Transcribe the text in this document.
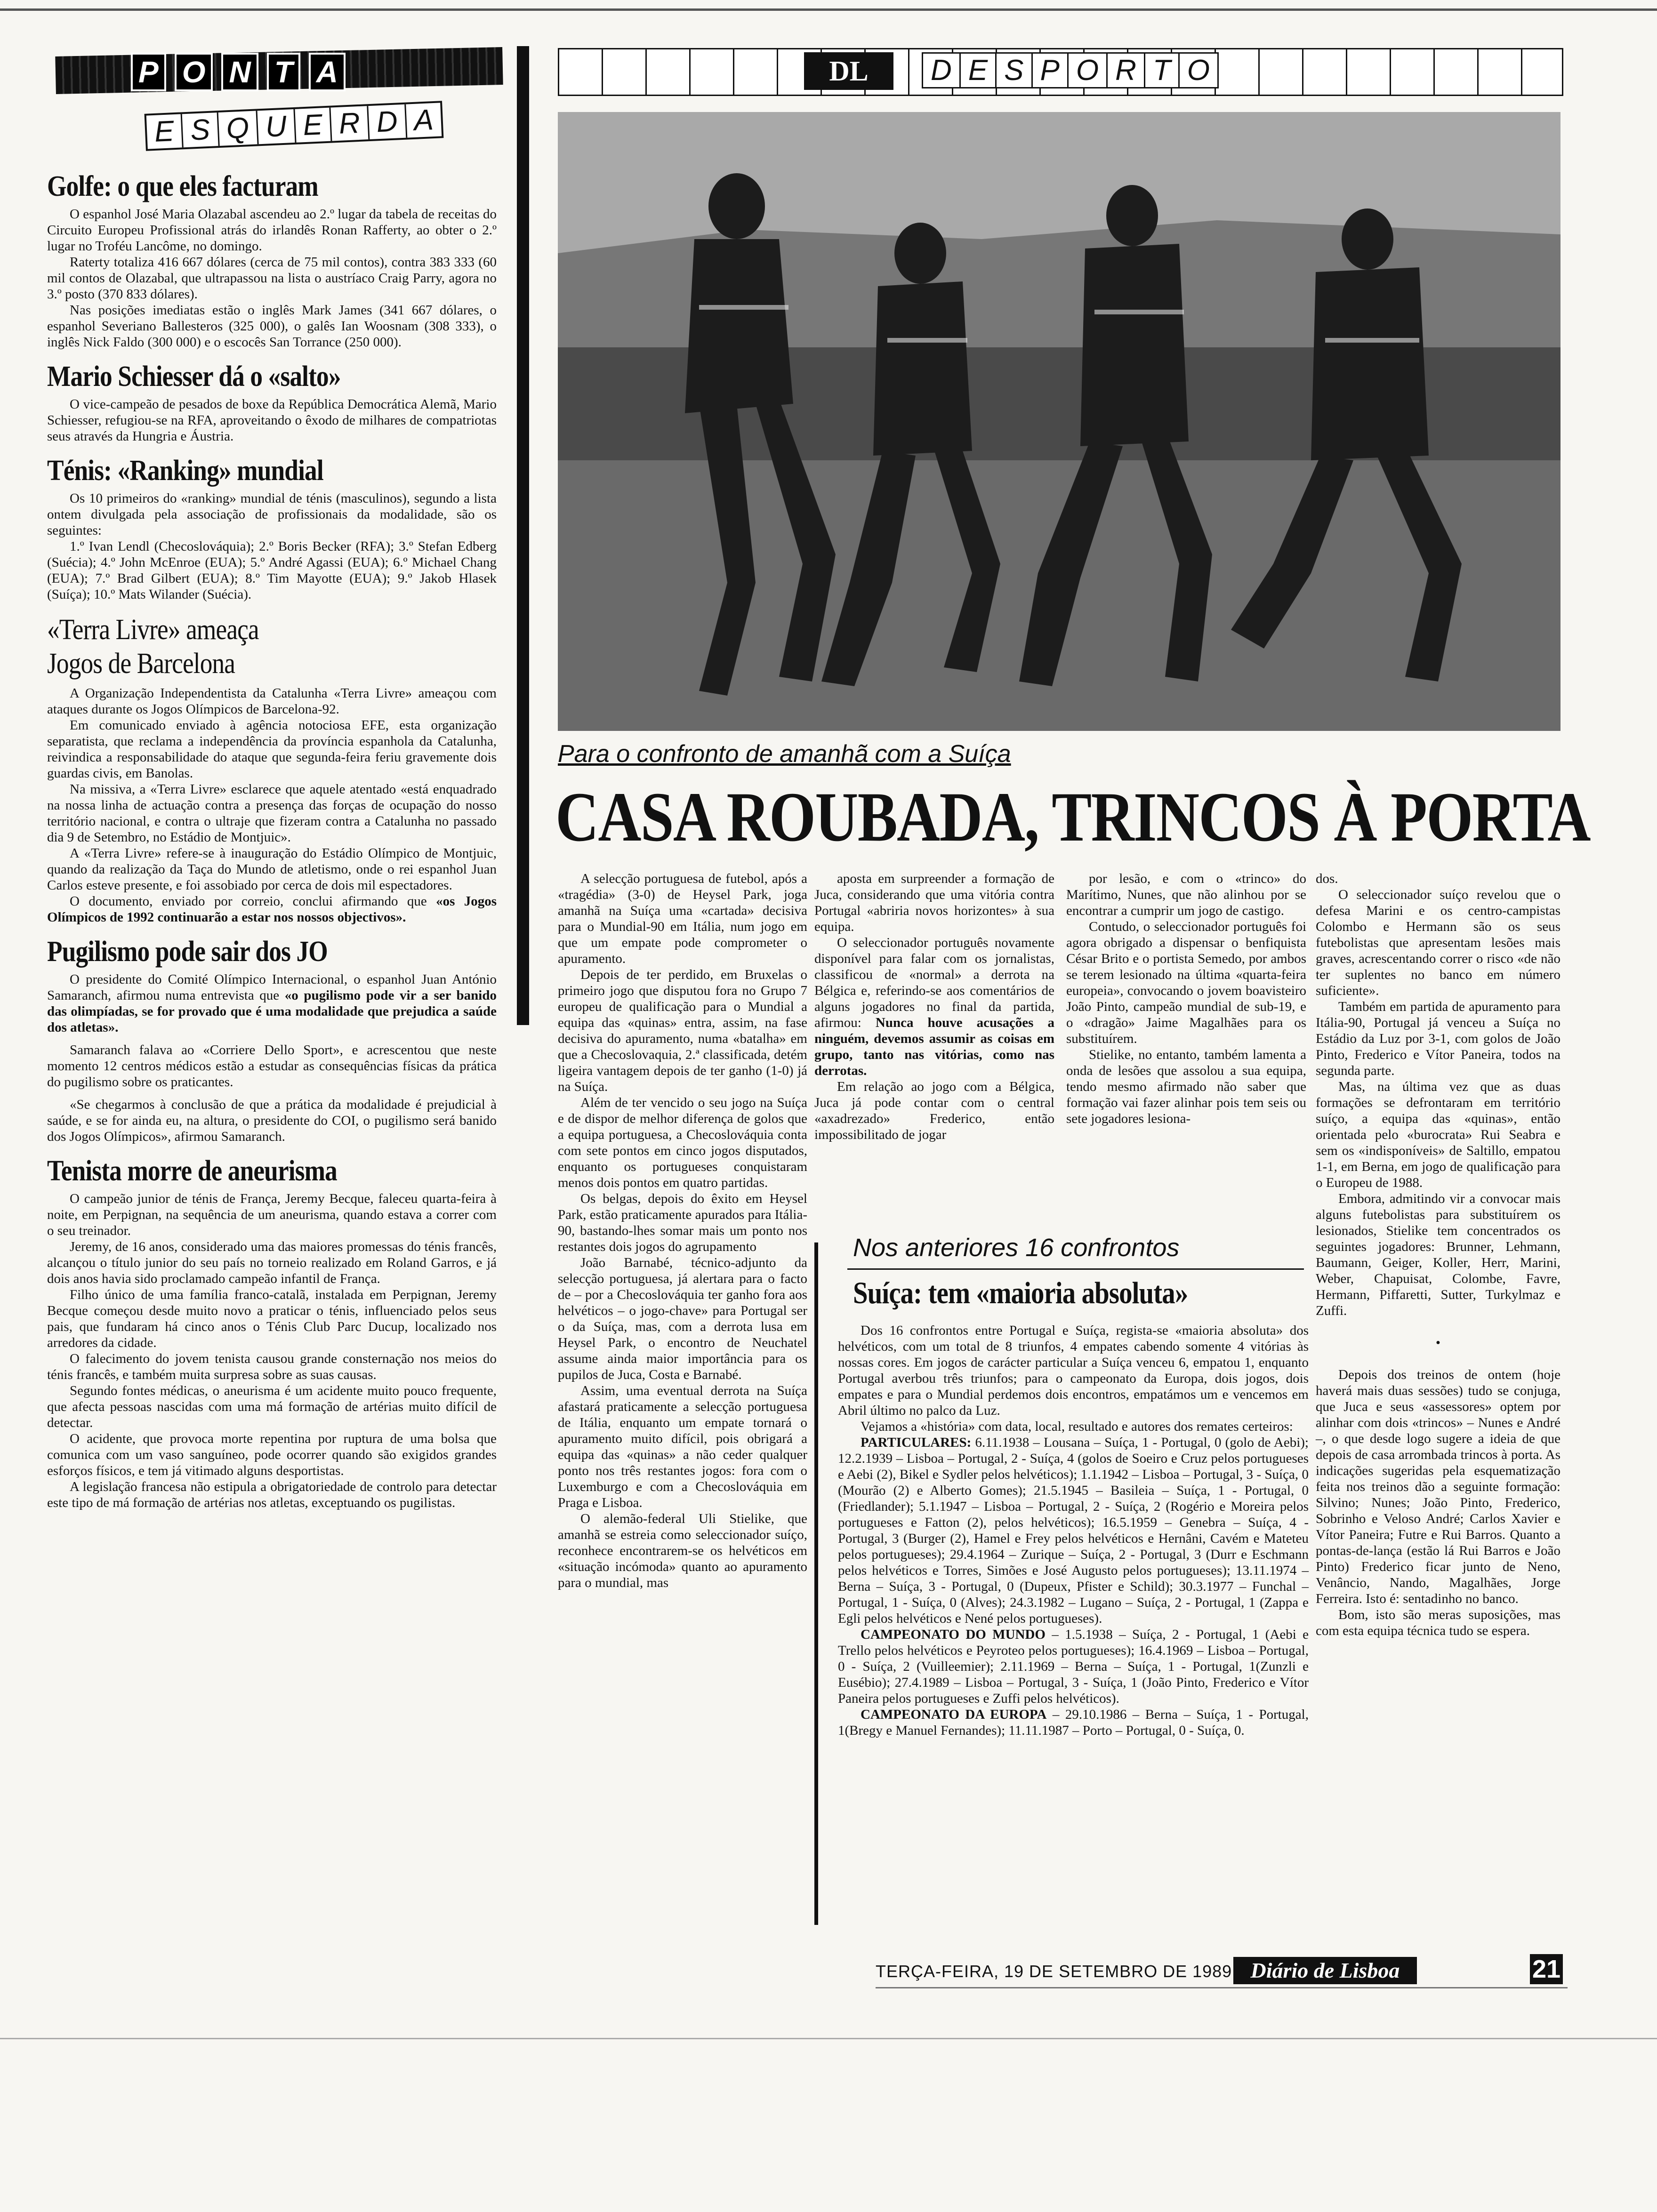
P O N T A
E S Q U E R D A
DL	D E S P O R T O
Golfe: o que eles facturam

O espanhol José Maria Olazabal ascendeu ao 2.º lugar da tabela de receitas do Circuito Europeu Profissional atrás do irlandês Ronan Rafferty, ao obter o 2.º lugar no Troféu Lancôme, no domingo.

Raterty totaliza 416 667 dólares (cerca de 75 mil contos), contra 383 333 (60 mil contos de Olazabal, que ultrapassou na lista o austríaco Craig Parry, agora no 3.º posto (370 833 dólares).

Nas posições imediatas estão o inglês Mark James (341 667 dólares, o espanhol Severiano Ballesteros (325 000), o galês Ian Woosnam (308 333), o inglês Nick Faldo (300 000) e o escocês San Torrance (250 000).

Mario Schiesser dá o «salto»

O vice-campeão de pesados de boxe da República Democrática Alemã, Mario Schiesser, refugiou-se na RFA, aproveitando o êxodo de milhares de compatriotas seus através da Hungria e Áustria.

Ténis: «Ranking» mundial

Os 10 primeiros do «ranking» mundial de ténis (masculinos), segundo a lista ontem divulgada pela associação de profissionais da modalidade, são os seguintes:

1.º Ivan Lendl (Checoslováquia); 2.º Boris Becker (RFA); 3.º Stefan Edberg (Suécia); 4.º John McEnroe (EUA); 5.º André Agassi (EUA); 6.º Michael Chang (EUA); 7.º Brad Gilbert (EUA); 8.º Tim Mayotte (EUA); 9.º Jakob Hlasek (Suíça); 10.º Mats Wilander (Suécia).

«Terra Livre» ameaça
Jogos de Barcelona

A Organização Independentista da Catalunha «Terra Livre» ameaçou com ataques durante os Jogos Olímpicos de Barcelona-92.

Em comunicado enviado à agência notociosa EFE, esta organização separatista, que reclama a independência da província espanhola da Catalunha, reivindica a responsabilidade do ataque que segunda-feira feriu gravemente dois guardas civis, em Banolas.

Na missiva, a «Terra Livre» esclarece que aquele atentado «está enquadrado na nossa linha de actuação contra a presença das forças de ocupação do nosso território nacional, e contra o ultraje que fizeram contra a Catalunha no passado dia 9 de Setembro, no Estádio de Montjuic».

A «Terra Livre» refere-se à inauguração do Estádio Olímpico de Montjuic, quando da realização da Taça do Mundo de atletismo, onde o rei espanhol Juan Carlos esteve presente, e foi assobiado por cerca de dois mil espectadores.

O documento, enviado por correio, conclui afirmando que «os Jogos Olímpicos de 1992 continuarão a estar nos nossos objectivos».

Pugilismo pode sair dos JO

O presidente do Comité Olímpico Internacional, o espanhol Juan António Samaranch, afirmou numa entrevista que «o pugilismo pode vir a ser banido das olimpíadas, se for provado que é uma modalidade que prejudica a saúde dos atletas».

Samaranch falava ao «Corriere Dello Sport», e acrescentou que neste momento 12 centros médicos estão a estudar as consequências físicas da prática do pugilismo sobre os praticantes.

«Se chegarmos à conclusão de que a prática da modalidade é prejudicial à saúde, e se for ainda eu, na altura, o presidente do COI, o pugilismo será banido dos Jogos Olímpicos», afirmou Samaranch.

Tenista morre de aneurisma

O campeão junior de ténis de França, Jeremy Becque, faleceu quarta-feira à noite, em Perpignan, na sequência de um aneurisma, quando estava a correr com o seu treinador.

Jeremy, de 16 anos, considerado uma das maiores promessas do ténis francês, alcançou o título junior do seu país no torneio realizado em Roland Garros, e já dois anos havia sido proclamado campeão infantil de França.

Filho único de uma família franco-catalã, instalada em Perpignan, Jeremy Becque começou desde muito novo a praticar o ténis, influenciado pelos seus pais, que fundaram há cinco anos o Ténis Club Parc Ducup, localizado nos arredores da cidade.

O falecimento do jovem tenista causou grande consternação nos meios do ténis francês, e também muita surpresa sobre as suas causas.

Segundo fontes médicas, o aneurisma é um acidente muito pouco frequente, que afecta pessoas nascidas com uma má formação de artérias muito difícil de detectar.

O acidente, que provoca morte repentina por ruptura de uma bolsa que comunica com um vaso sanguíneo, pode ocorrer quando são exigidos grandes esforços físicos, e tem já vitimado alguns desportistas.

A legislação francesa não estipula a obrigatoriedade de controlo para detectar este tipo de má formação de artérias nos atletas, exceptuando os pugilistas.

Para o confronto de amanhã com a Suíça
CASA ROUBADA, TRINCOS À PORTA

A selecção portuguesa de futebol, após a «tragédia» (3-0) de Heysel Park, joga amanhã na Suíça uma «cartada» decisiva para o Mundial-90 em Itália, num jogo em que um empate pode comprometer o apuramento.

Depois de ter perdido, em Bruxelas o primeiro jogo que disputou fora no Grupo 7 europeu de qualificação para o Mundial a equipa das «quinas» entra, assim, na fase decisiva do apuramento, numa «batalha» em que a Checoslovaquia, 2.ª classificada, detém ligeira vantagem depois de ter ganho (1-0) já na Suíça.

Além de ter vencido o seu jogo na Suíça e de dispor de melhor diferença de golos que a equipa portuguesa, a Checoslováquia conta com sete pontos em cinco jogos disputados, enquanto os portugueses conquistaram menos dois pontos em quatro partidas.

Os belgas, depois do êxito em Heysel Park, estão praticamente apurados para Itália-90, bastando-lhes somar mais um ponto nos restantes dois jogos do agrupamento

João Barnabé, técnico-adjunto da selecção portuguesa, já alertara para o facto de – por a Checoslováquia ter ganho fora aos helvéticos – o jogo-chave» para Portugal ser o da Suíça, mas, com a derrota lusa em Heysel Park, o encontro de Neuchatel assume ainda maior importância para os pupilos de Juca, Costa e Barnabé.

Assim, uma eventual derrota na Suíça afastará praticamente a selecção portuguesa de Itália, enquanto um empate tornará o apuramento muito difícil, pois obrigará a equipa das «quinas» a não ceder qualquer ponto nos três restantes jogos: fora com o Luxemburgo e com a Checoslováquia em Praga e Lisboa.

O alemão-federal Uli Stielike, que amanhã se estreia como seleccionador suíço, reconhece encontrarem-se os helvéticos em «situação incómoda» quanto ao apuramento para o mundial, mas

aposta em surpreender a formação de Juca, considerando que uma vitória contra Portugal «abriria novos horizontes» à sua equipa.

O seleccionador português novamente disponível para falar com os jornalistas, classificou de «normal» a derrota na Bélgica e, referindo-se aos comentários de alguns jogadores no final da partida, afirmou: Nunca houve acusações a ninguém, devemos assumir as coisas em grupo, tanto nas vitórias, como nas derrotas.

Em relação ao jogo com a Bélgica, Juca já pode contar com o central «axadrezado» Frederico, então impossibilitado de jogar

por lesão, e com o «trinco» do Marítimo, Nunes, que não alinhou por se encontrar a cumprir um jogo de castigo.

Contudo, o seleccionador português foi agora obrigado a dispensar o benfiquista César Brito e o portista Semedo, por ambos se terem lesionado na última «quarta-feira europeia», convocando o jovem boavisteiro João Pinto, campeão mundial de sub-19, e o «dragão» Jaime Magalhães para os substituírem.

Stielike, no entanto, também lamenta a onda de lesões que assolou a sua equipa, tendo mesmo afirmado não saber que formação vai fazer alinhar pois tem seis ou sete jogadores lesiona-

dos.

O seleccionador suíço revelou que o defesa Marini e os centro-campistas Colombo e Hermann são os seus futebolistas que apresentam lesões mais graves, acrescentando correr o risco «de não ter suplentes no banco em número suficiente».

Também em partida de apuramento para Itália-90, Portugal já venceu a Suíça no Estádio da Luz por 3-1, com golos de João Pinto, Frederico e Vítor Paneira, todos na segunda parte.

Mas, na última vez que as duas formações se defrontaram em território suíço, a equipa das «quinas», então orientada pelo «burocrata» Rui Seabra e sem os «indisponíveis» de Saltillo, empatou 1-1, em Berna, em jogo de qualificação para o Europeu de 1988.

Embora, admitindo vir a convocar mais alguns futebolistas para substituírem os lesionados, Stielike tem concentrados os seguintes jogadores: Brunner, Lehmann, Baumann, Geiger, Koller, Herr, Marini, Weber, Chapuisat, Colombe, Favre, Hermann, Piffaretti, Sutter, Turkylmaz e Zuffi.

•

Depois dos treinos de ontem (hoje haverá mais duas sessões) tudo se conjuga, que Juca e seus «assessores» optem por alinhar com dois «trincos» – Nunes e André –, o que desde logo sugere a ideia de que depois de casa arrombada trincos à porta. As indicações sugeridas pela esquematização feita nos treinos dão a seguinte formação: Silvino; Nunes; João Pinto, Frederico, Sobrinho e Veloso André; Carlos Xavier e Vítor Paneira; Futre e Rui Barros. Quanto a pontas-de-lança (estão lá Rui Barros e João Pinto) Frederico ficar junto de Neno, Venâncio, Nando, Magalhães, Jorge Ferreira. Isto é: sentadinho no banco.

Bom, isto são meras suposições, mas com esta equipa técnica tudo se espera.

Nos anteriores 16 confrontos
Suíça: tem «maioria absoluta»

Dos 16 confrontos entre Portugal e Suíça, regista-se «maioria absoluta» dos helvéticos, com um total de 8 triunfos, 4 empates cabendo somente 4 vitórias às nossas cores. Em jogos de carácter particular a Suíça venceu 6, empatou 1, enquanto Portugal averbou três triunfos; para o campeonato da Europa, dois jogos, dois empates e para o Mundial perdemos dois encontros, empatámos um e vencemos em Abril último no palco da Luz.

Vejamos a «história» com data, local, resultado e autores dos remates certeiros:

PARTICULARES: 6.11.1938 – Lousana – Suíça, 1 - Portugal, 0 (golo de Aebi); 12.2.1939 – Lisboa – Portugal, 2 - Suíça, 4 (golos de Soeiro e Cruz pelos portugueses e Aebi (2), Bikel e Sydler pelos helvéticos); 1.1.1942 – Lisboa – Portugal, 3 - Suíça, 0 (Mourão (2) e Alberto Gomes); 21.5.1945 – Basileia – Suíça, 1 - Portugal, 0 (Friedlander); 5.1.1947 – Lisboa – Portugal, 2 - Suíça, 2 (Rogério e Moreira pelos portugueses e Fatton (2), pelos helvéticos); 16.5.1959 – Genebra – Suíça, 4 - Portugal, 3 (Burger (2), Hamel e Frey pelos helvéticos e Hernâni, Cavém e Mateteu pelos portugueses); 29.4.1964 – Zurique – Suíça, 2 - Portugal, 3 (Durr e Eschmann pelos helvéticos e Torres, Simões e José Augusto pelos portugueses); 13.11.1974 – Berna – Suíça, 3 - Portugal, 0 (Dupeux, Pfister e Schild); 30.3.1977 – Funchal – Portugal, 1 - Suíça, 0 (Alves); 24.3.1982 – Lugano – Suíça, 2 - Portugal, 1 (Zappa e Egli pelos helvéticos e Nené pelos portugueses).

CAMPEONATO DO MUNDO – 1.5.1938 – Suíça, 2 - Portugal, 1 (Aebi e Trello pelos helvéticos e Peyroteo pelos portugueses); 16.4.1969 – Lisboa – Portugal, 0 - Suíça, 2 (Vuilleemier); 2.11.1969 – Berna – Suíça, 1 - Portugal, 1(Zunzli e Eusébio); 27.4.1989 – Lisboa – Portugal, 3 - Suíça, 1 (João Pinto, Frederico e Vítor Paneira pelos portugueses e Zuffi pelos helvéticos).

CAMPEONATO DA EUROPA – 29.10.1986 – Berna – Suíça, 1 - Portugal, 1(Bregy e Manuel Fernandes); 11.11.1987 – Porto – Portugal, 0 - Suíça, 0.

TERÇA-FEIRA, 19 DE SETEMBRO DE 1989 Diário de Lisboa	21
